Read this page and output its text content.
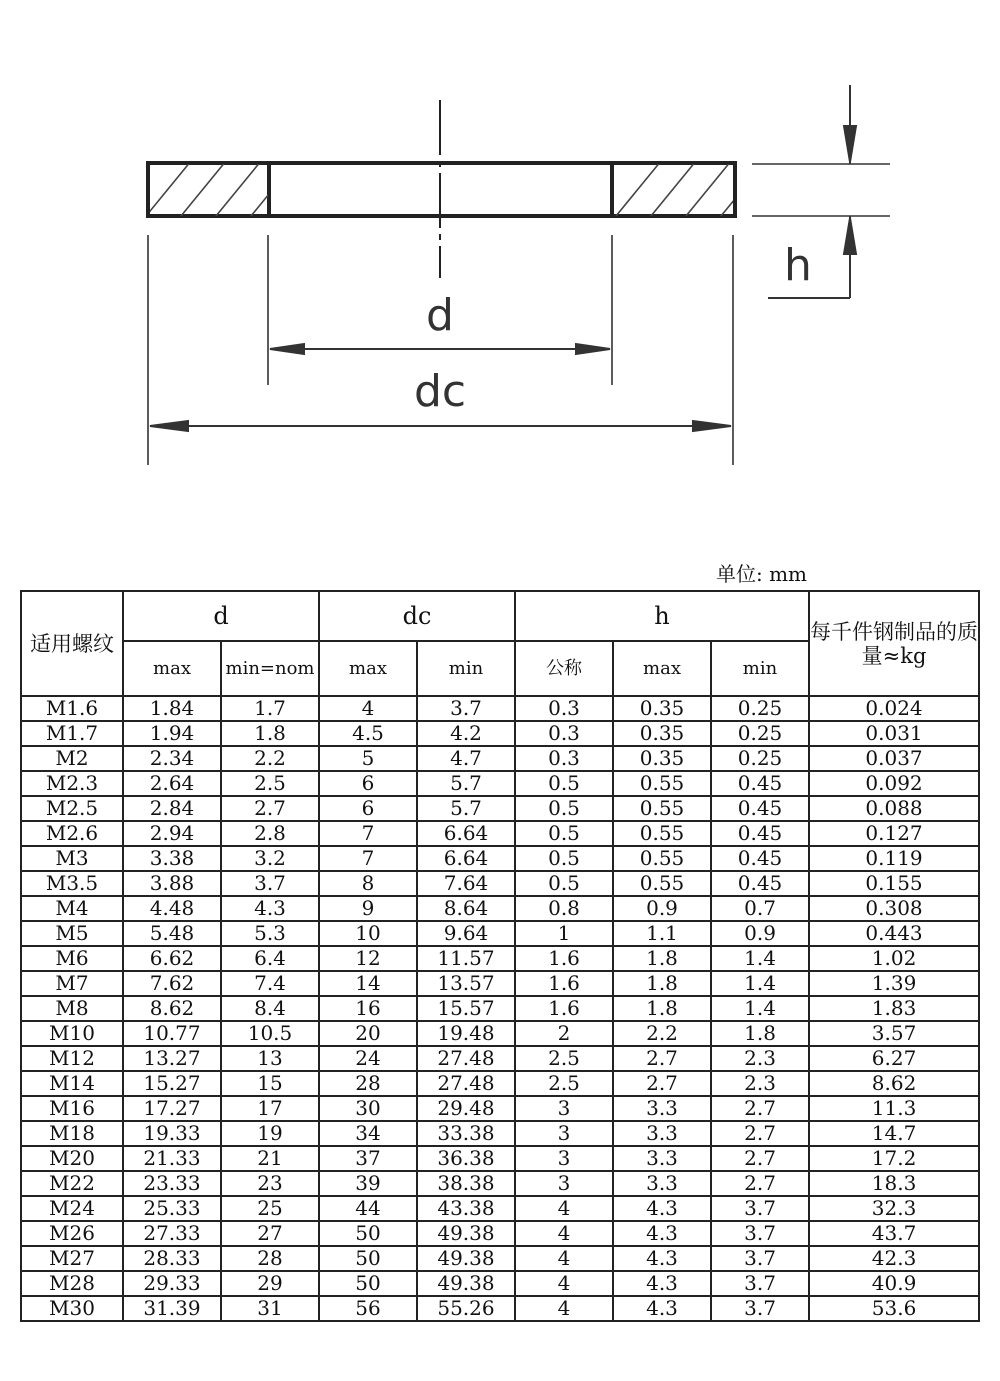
d
dc
h
单位: mm
适用螺纹	d		dc		h			每千件钢制品的质量≈kg
	max	min=nom	max	min	公称	max	min	
M1.6	1.84	1.7	4	3.7	0.3	0.35	0.25	0.024
M1.7	1.94	1.8	4.5	4.2	0.3	0.35	0.25	0.031
M2	2.34	2.2	5	4.7	0.3	0.35	0.25	0.037
M2.3	2.64	2.5	6	5.7	0.5	0.55	0.45	0.092
M2.5	2.84	2.7	6	5.7	0.5	0.55	0.45	0.088
M2.6	2.94	2.8	7	6.64	0.5	0.55	0.45	0.127
M3	3.38	3.2	7	6.64	0.5	0.55	0.45	0.119
M3.5	3.88	3.7	8	7.64	0.5	0.55	0.45	0.155
M4	4.48	4.3	9	8.64	0.8	0.9	0.7	0.308
M5	5.48	5.3	10	9.64	1	1.1	0.9	0.443
M6	6.62	6.4	12	11.57	1.6	1.8	1.4	1.02
M7	7.62	7.4	14	13.57	1.6	1.8	1.4	1.39
M8	8.62	8.4	16	15.57	1.6	1.8	1.4	1.83
M10	10.77	10.5	20	19.48	2	2.2	1.8	3.57
M12	13.27	13	24	27.48	2.5	2.7	2.3	6.27
M14	15.27	15	28	27.48	2.5	2.7	2.3	8.62
M16	17.27	17	30	29.48	3	3.3	2.7	11.3
M18	19.33	19	34	33.38	3	3.3	2.7	14.7
M20	21.33	21	37	36.38	3	3.3	2.7	17.2
M22	23.33	23	39	38.38	3	3.3	2.7	18.3
M24	25.33	25	44	43.38	4	4.3	3.7	32.3
M26	27.33	27	50	49.38	4	4.3	3.7	43.7
M27	28.33	28	50	49.38	4	4.3	3.7	42.3
M28	29.33	29	50	49.38	4	4.3	3.7	40.9
M30	31.39	31	56	55.26	4	4.3	3.7	53.6
